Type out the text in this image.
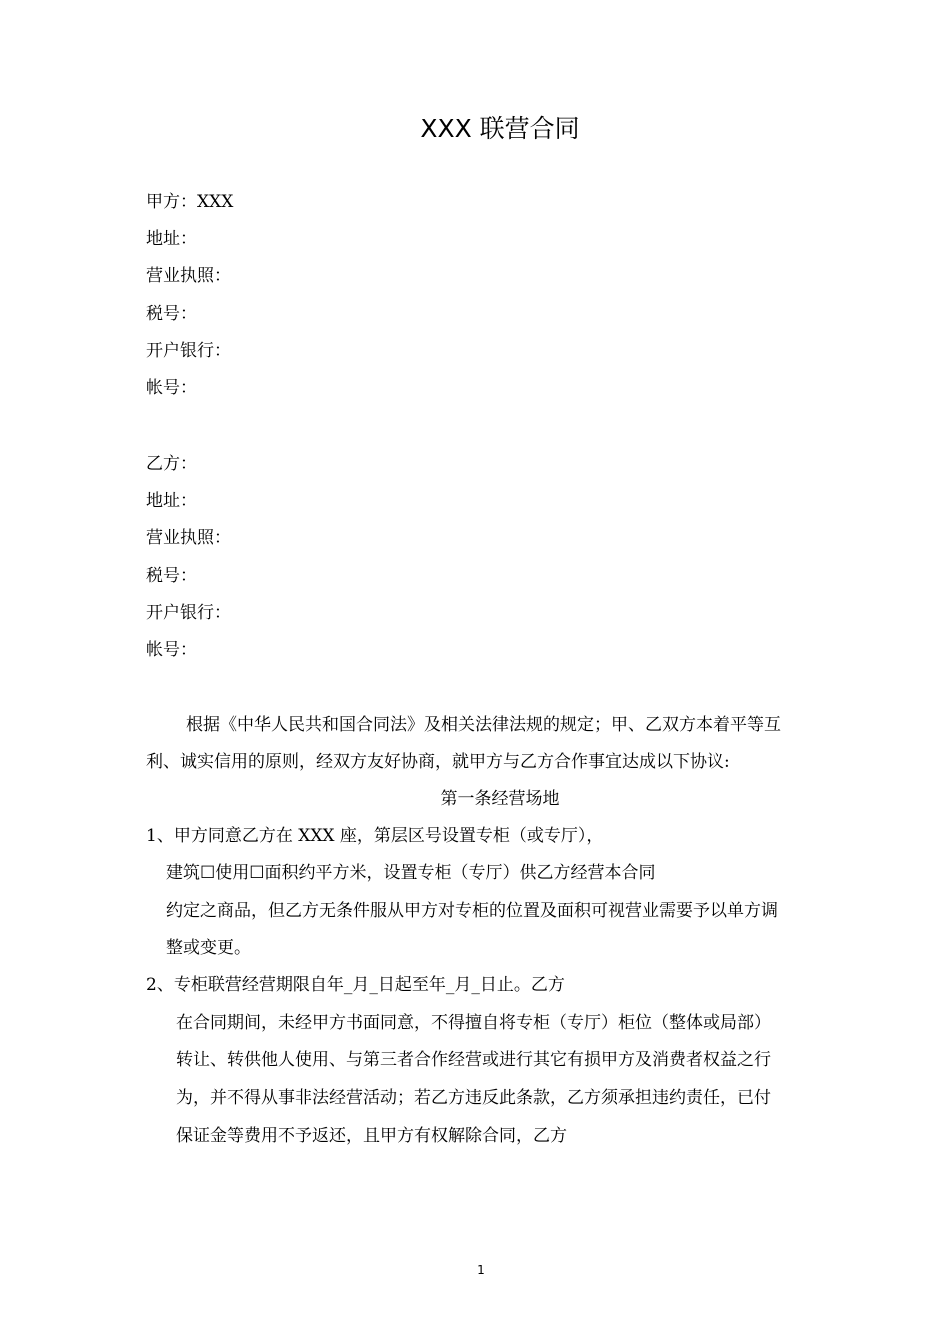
XXX 联营合同
甲方：XXX
地址：
营业执照：
税号：
开户银行：
帐号：
乙方：
地址：
营业执照：
税号：
开户银行：
帐号：
根据《中华人民共和国合同法》及相关法律法规的规定；甲、乙双方本着平等互
利、诚实信用的原则，经双方友好协商，就甲方与乙方合作事宜达成以下协议:
第一条经营场地
1、甲方同意乙方在 XXX 座，第层区号设置专柜（或专厅），
建筑☐使用☐面积约平方米，设置专柜（专厅）供乙方经营本合同
约定之商品，但乙方无条件服从甲方对专柜的位置及面积可视营业需要予以单方调
整或变更。
2、专柜联营经营期限自年_月_日起至年_月_日止。乙方
在合同期间，未经甲方书面同意，不得擅自将专柜（专厅）柜位（整体或局部）
转让、转供他人使用、与第三者合作经营或进行其它有损甲方及消费者权益之行
为，并不得从事非法经营活动；若乙方违反此条款，乙方须承担违约责任，已付
保证金等费用不予返还，且甲方有权解除合同，乙方
1
